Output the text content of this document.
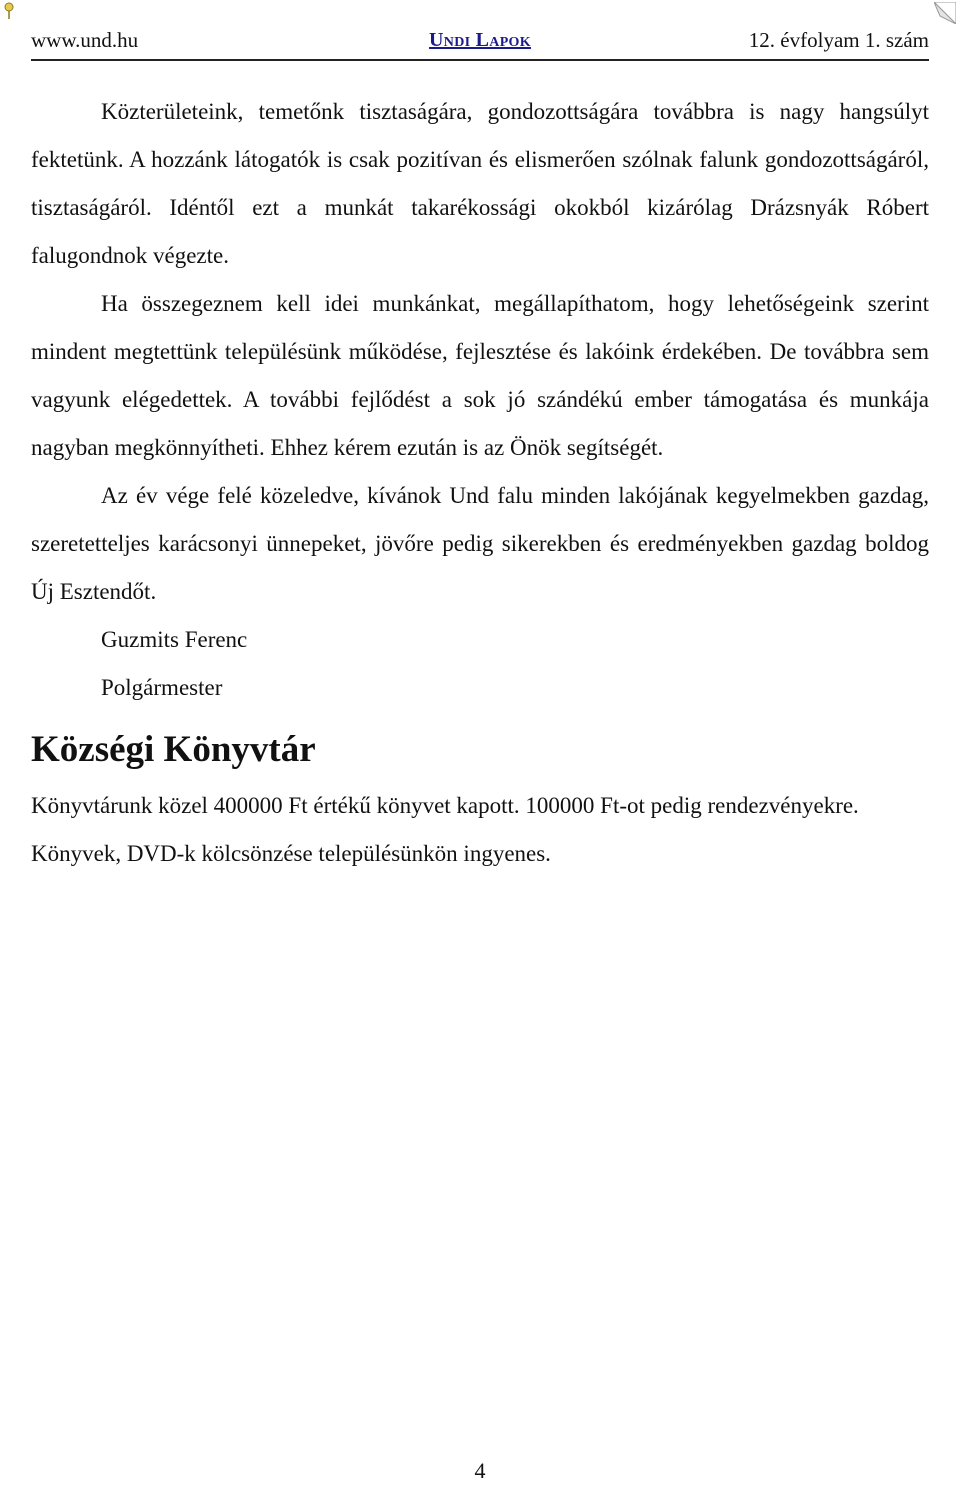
www.und.hu	Undi Lapok	12. évfolyam 1. szám

Közterületeink, temetőnk tisztaságára, gondozottságára továbbra is nagy hangsúlyt fektetünk. A hozzánk látogatók is csak pozitívan és elismerően szólnak falunk gondozottságáról, tisztaságáról. Idéntől ezt a munkát takarékossági okokból kizárólag Drázsnyák Róbert falugondnok végezte.

Ha összegeznem kell idei munkánkat, megállapíthatom, hogy lehetőségeink szerint mindent megtettünk településünk működése, fejlesztése és lakóink érdekében. De továbbra sem vagyunk elégedettek. A további fejlődést a sok jó szándékú ember támogatása és munkája nagyban megkönnyítheti. Ehhez kérem ezután is az Önök segítségét.

Az év vége felé közeledve, kívánok Und falu minden lakójának kegyelmekben gazdag, szeretetteljes karácsonyi ünnepeket, jövőre pedig sikerekben és eredményekben gazdag boldog Új Esztendőt.

Guzmits Ferenc

Polgármester

Községi Könyvtár

Könyvtárunk közel 400000 Ft értékű könyvet kapott. 100000 Ft-ot pedig rendezvényekre.

Könyvek, DVD-k kölcsönzése településünkön ingyenes.

4
